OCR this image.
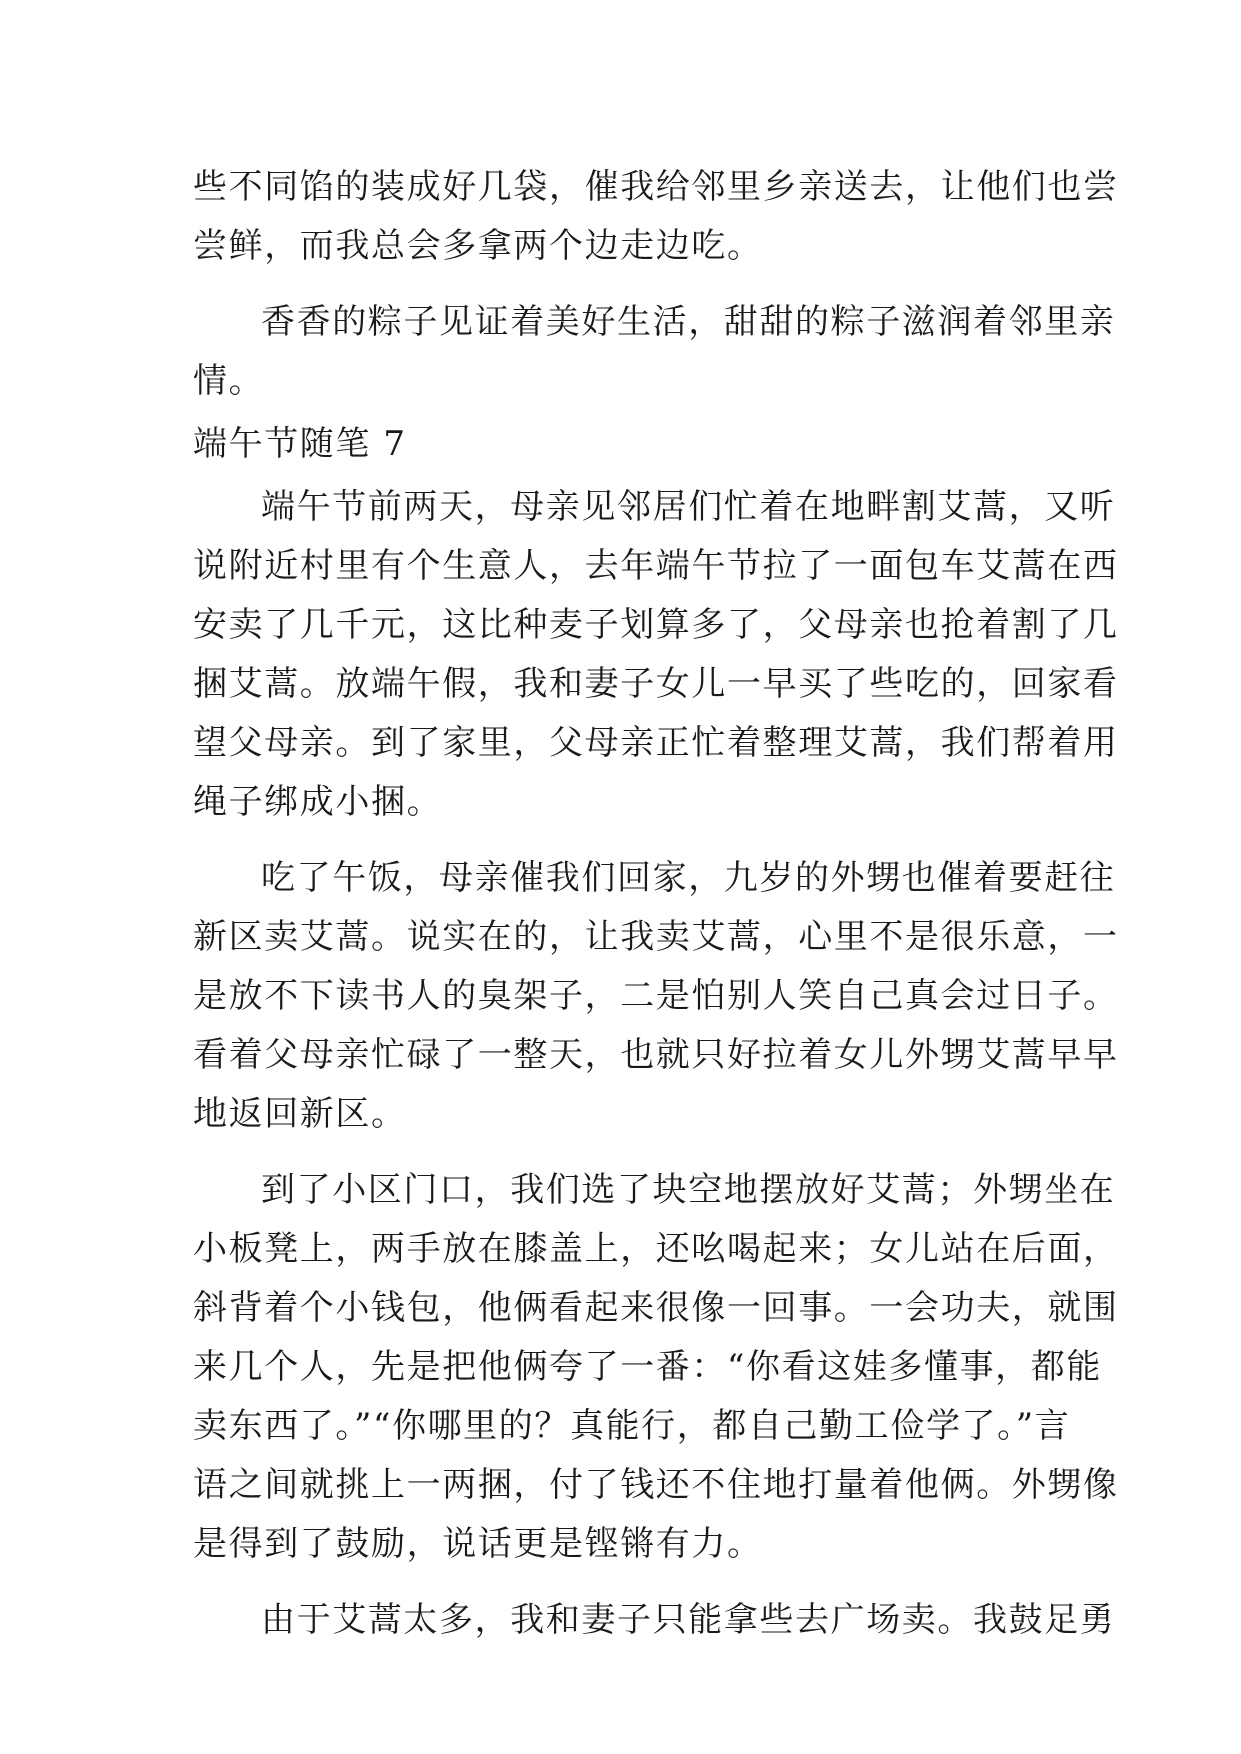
些不同馅的装成好几袋，催我给邻里乡亲送去，让他们也尝
尝鲜，而我总会多拿两个边走边吃。
香香的粽子见证着美好生活，甜甜的粽子滋润着邻里亲
情。
端午节随笔 7
端午节前两天，母亲见邻居们忙着在地畔割艾蒿，又听
说附近村里有个生意人，去年端午节拉了一面包车艾蒿在西
安卖了几千元，这比种麦子划算多了，父母亲也抢着割了几
捆艾蒿。放端午假，我和妻子女儿一早买了些吃的，回家看
望父母亲。到了家里，父母亲正忙着整理艾蒿，我们帮着用
绳子绑成小捆。
吃了午饭，母亲催我们回家，九岁的外甥也催着要赶往
新区卖艾蒿。说实在的，让我卖艾蒿，心里不是很乐意，一
是放不下读书人的臭架子，二是怕别人笑自己真会过日子。
看着父母亲忙碌了一整天，也就只好拉着女儿外甥艾蒿早早
地返回新区。
到了小区门口，我们选了块空地摆放好艾蒿；外甥坐在
小板凳上，两手放在膝盖上，还吆喝起来；女儿站在后面，
斜背着个小钱包，他俩看起来很像一回事。一会功夫，就围
来几个人，先是把他俩夸了一番：“你看这娃多懂事，都能
卖东西了。”“你哪里的？真能行，都自己勤工俭学了。”言
语之间就挑上一两捆，付了钱还不住地打量着他俩。外甥像
是得到了鼓励，说话更是铿锵有力。
由于艾蒿太多，我和妻子只能拿些去广场卖。我鼓足勇
